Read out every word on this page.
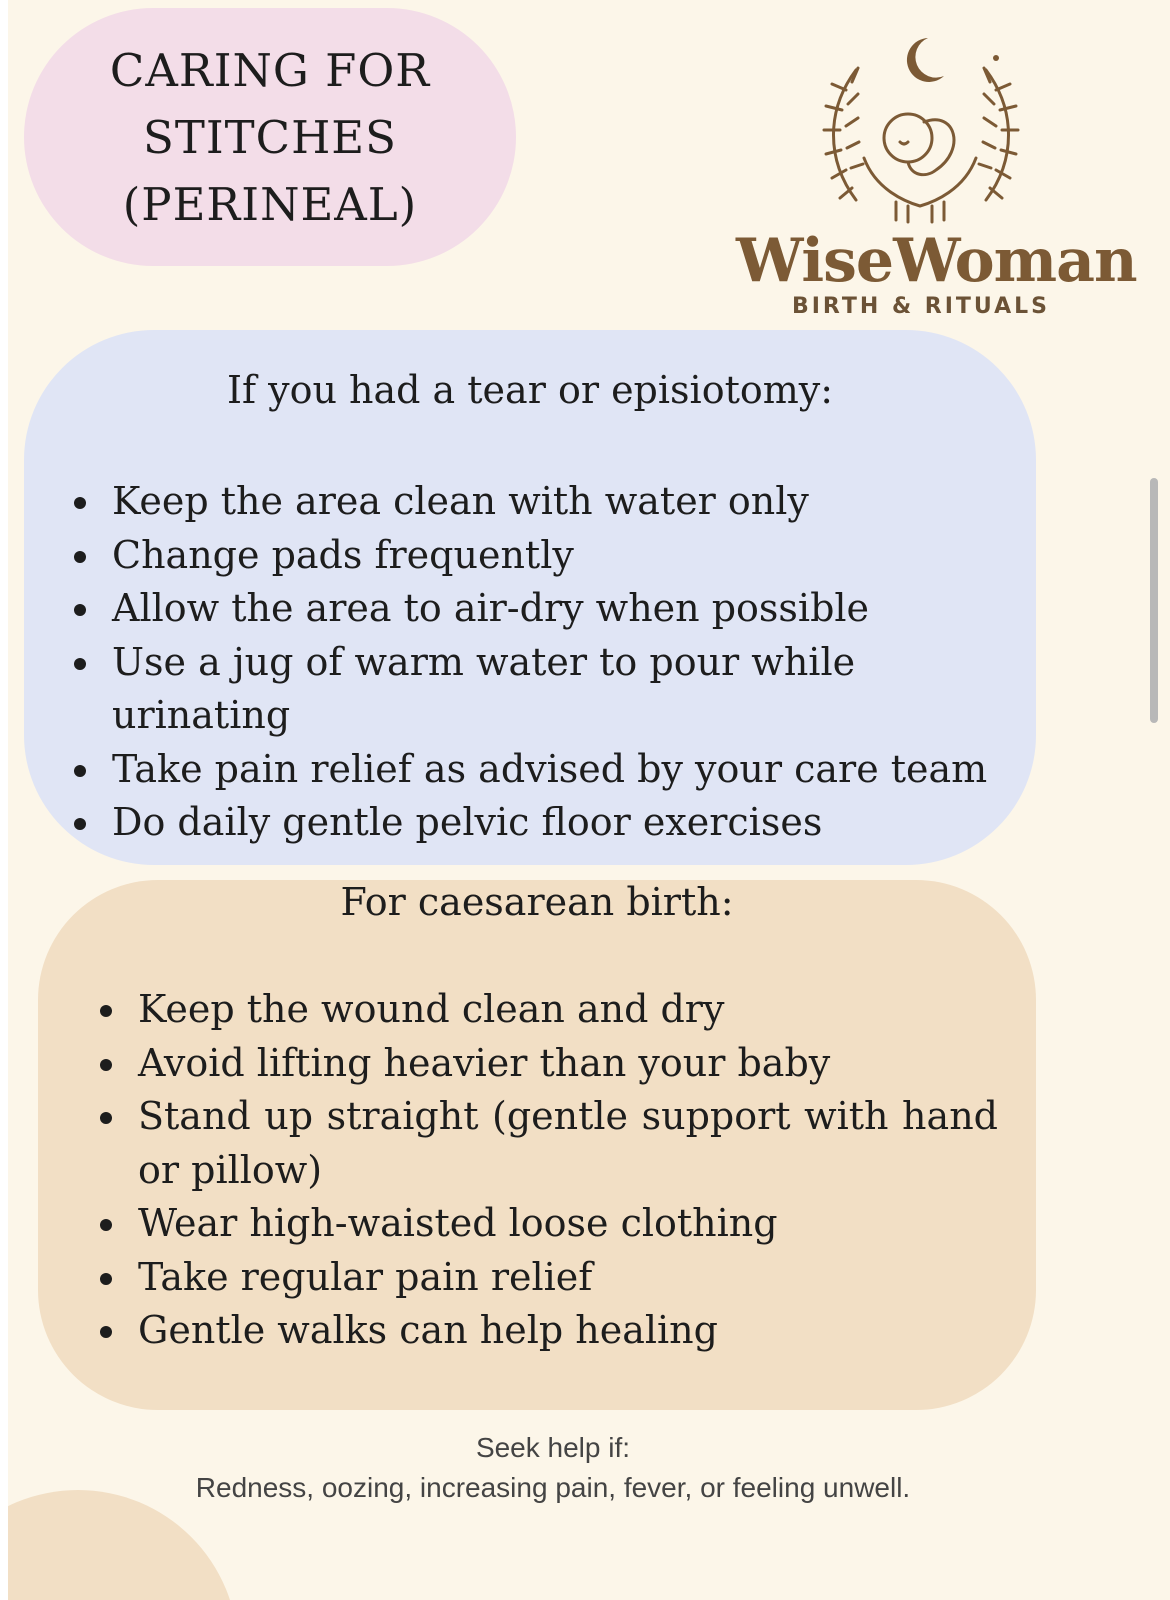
CARING FOR
STITCHES
(PERINEAL)
WiseWoman
BIRTH & RITUALS
If you had a tear or episiotomy:
Keep the area clean with water only
Change pads frequently
Allow the area to air-dry when possible
Use a jug of warm water to pour while urinating
Take pain relief as advised by your care team
Do daily gentle pelvic floor exercises
For caesarean birth:
Keep the wound clean and dry
Avoid lifting heavier than your baby
Stand up straight (gentle support with hand or pillow)
Wear high-waisted loose clothing
Take regular pain relief
Gentle walks can help healing
Seek help if:
Redness, oozing, increasing pain, fever, or feeling unwell.
